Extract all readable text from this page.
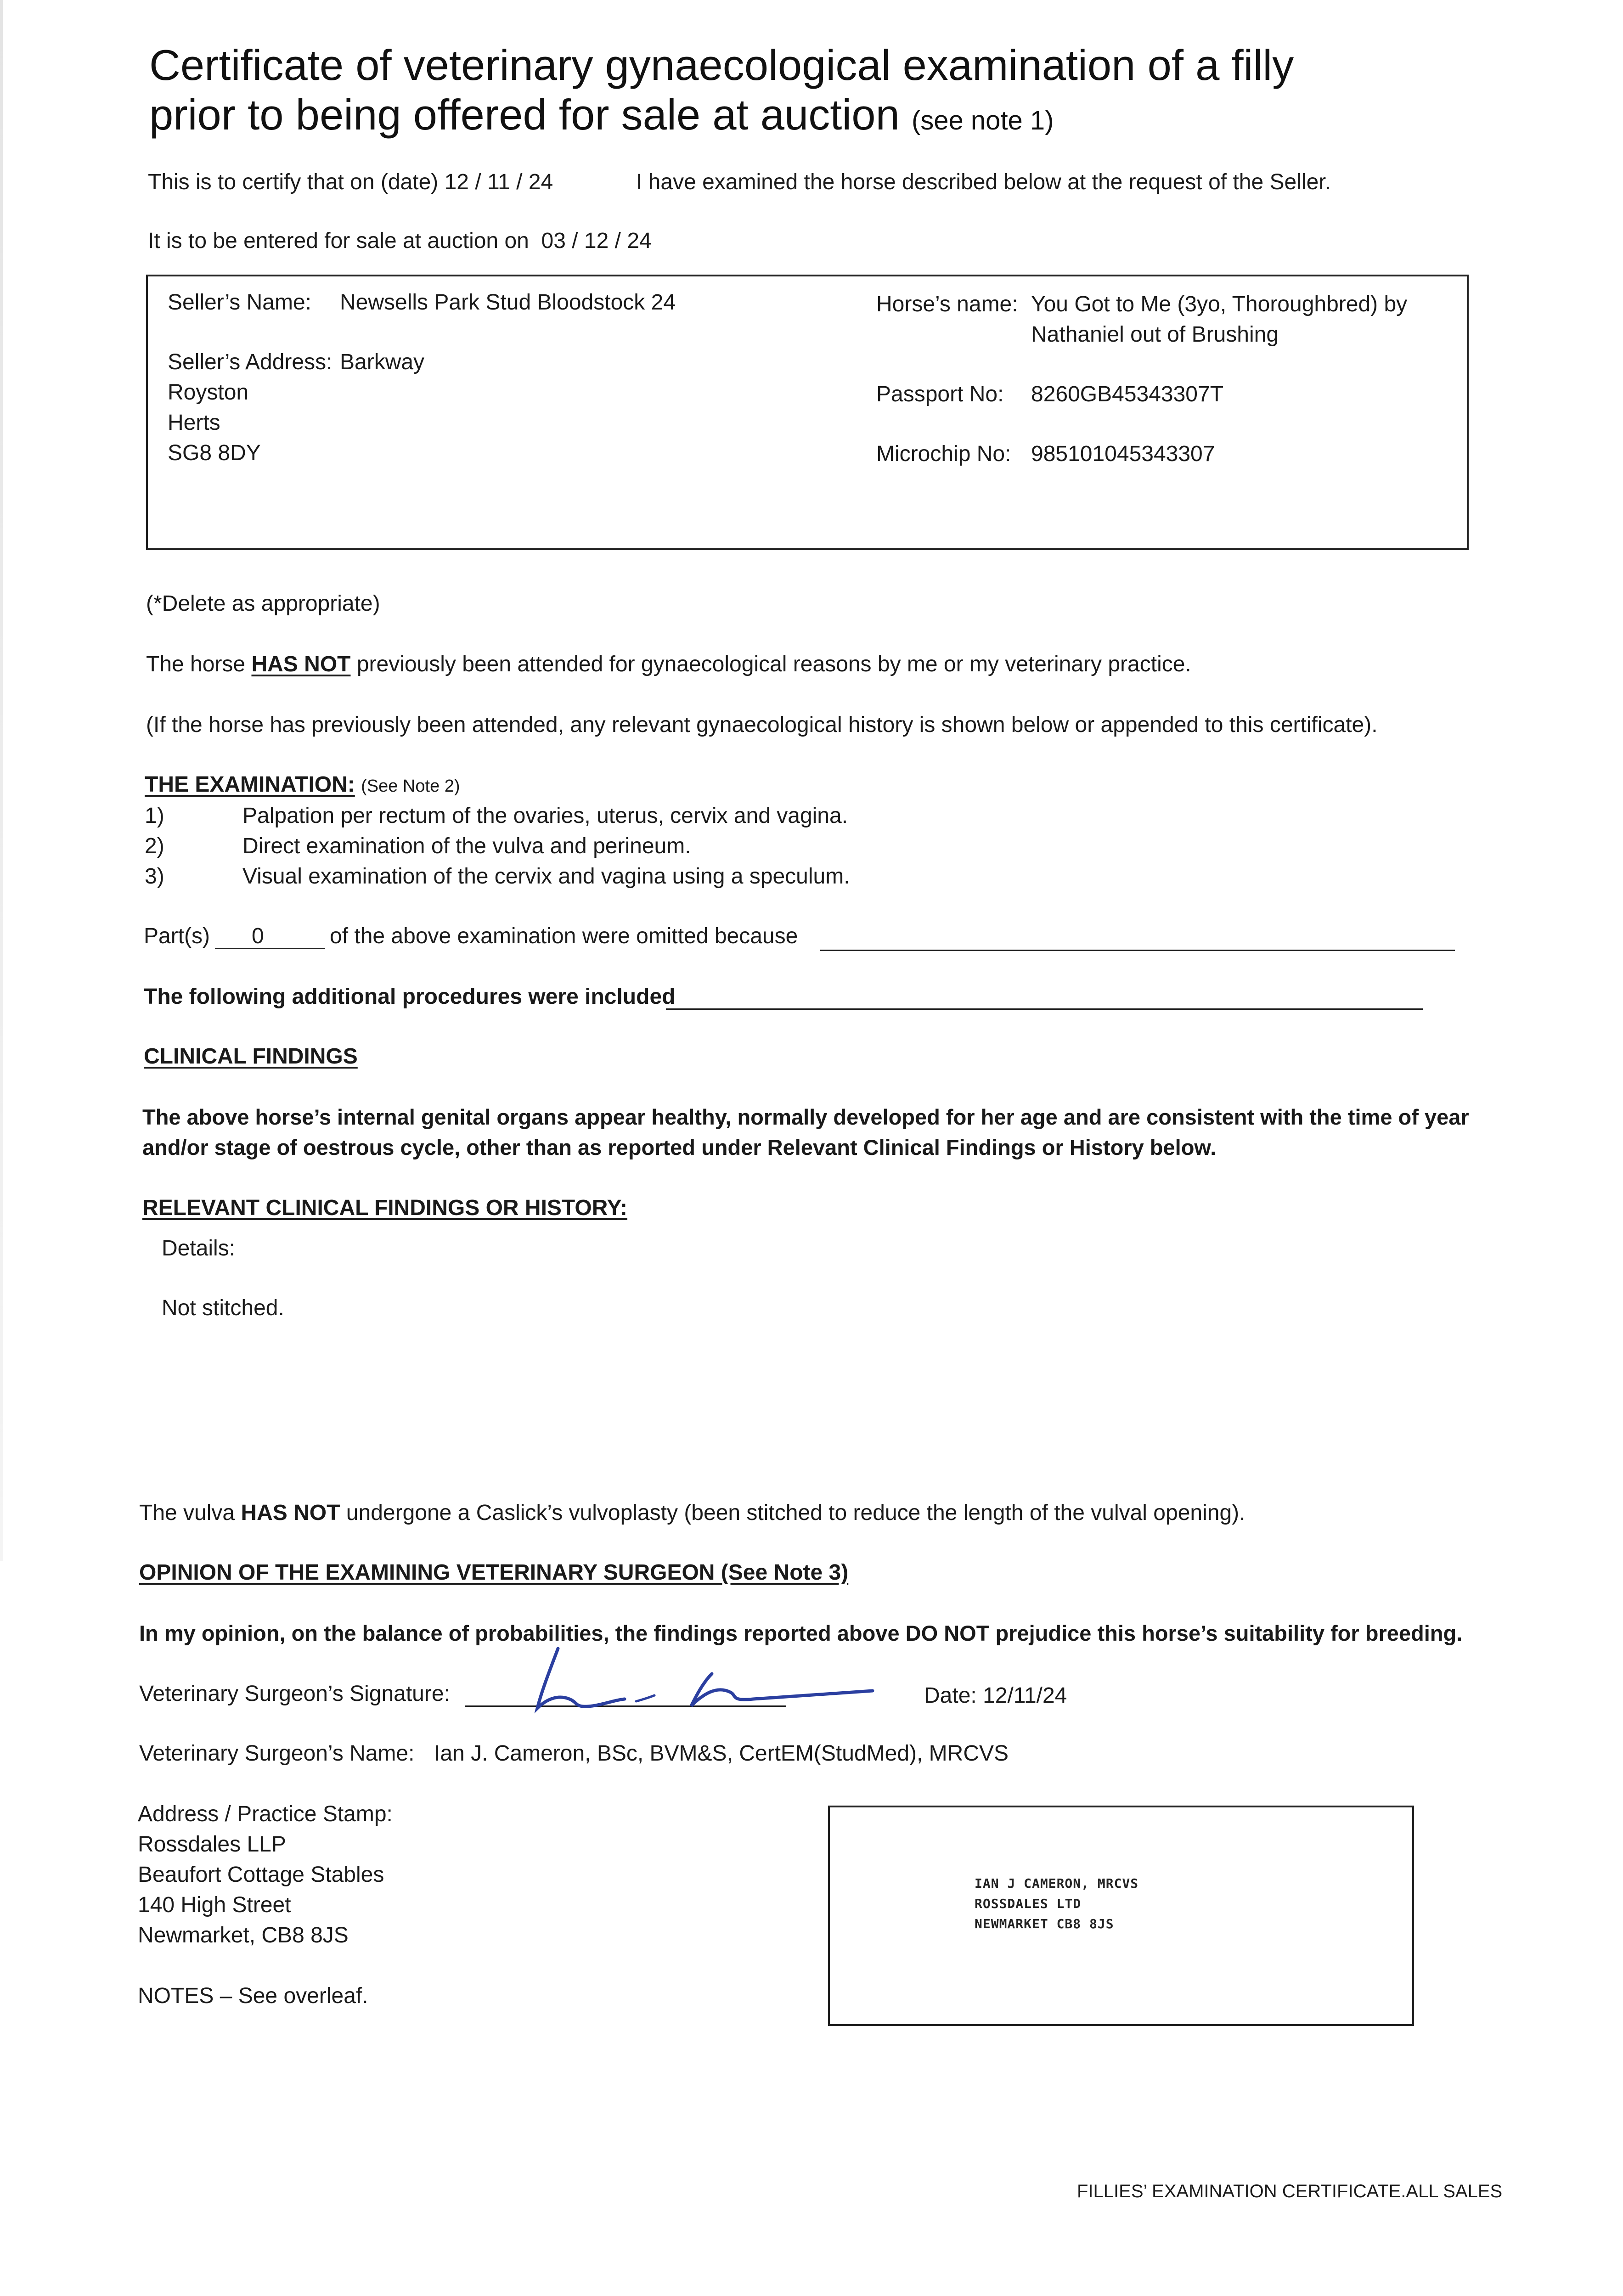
Certificate of veterinary gynaecological examination of a filly
prior to being offered for sale at auction (see note 1)
This is to certify that on (date) 12 / 11 / 24	I have examined the horse described below at the request of the Seller.
It is to be entered for sale at auction on 03 / 12 / 24
Seller’s Name: Newsells Park Stud Bloodstock 24
Seller’s Address: Barkway
Royston
Herts
SG8 8DY
Horse’s name: You Got to Me (3yo, Thoroughbred) by
Nathaniel out of Brushing
Passport No: 8260GB45343307T
Microchip No: 985101045343307
(*Delete as appropriate)
The horse HAS NOT previously been attended for gynaecological reasons by me or my veterinary practice.
(If the horse has previously been attended, any relevant gynaecological history is shown below or appended to this certificate).
THE EXAMINATION: (See Note 2)
1)	Palpation per rectum of the ovaries, uterus, cervix and vagina.
2)	Direct examination of the vulva and perineum.
3)	Visual examination of the cervix and vagina using a speculum.
Part(s) 0	of the above examination were omitted because
The following additional procedures were included
CLINICAL FINDINGS
The above horse’s internal genital organs appear healthy, normally developed for her age and are consistent with the time of year
and/or stage of oestrous cycle, other than as reported under Relevant Clinical Findings or History below.
RELEVANT CLINICAL FINDINGS OR HISTORY:
Details:
Not stitched.
The vulva HAS NOT undergone a Caslick’s vulvoplasty (been stitched to reduce the length of the vulval opening).
OPINION OF THE EXAMINING VETERINARY SURGEON (See Note 3)
In my opinion, on the balance of probabilities, the findings reported above DO NOT prejudice this horse’s suitability for breeding.
Veterinary Surgeon’s Signature:	Date: 12/11/24
Veterinary Surgeon’s Name: Ian J. Cameron, BSc, BVM&S, CertEM(StudMed), MRCVS
Address / Practice Stamp:
Rossdales LLP
Beaufort Cottage Stables
140 High Street
Newmarket, CB8 8JS
NOTES – See overleaf.
IAN J CAMERON, MRCVS
ROSSDALES LTD
NEWMARKET CB8 8JS
FILLIES’ EXAMINATION CERTIFICATE.ALL SALES
